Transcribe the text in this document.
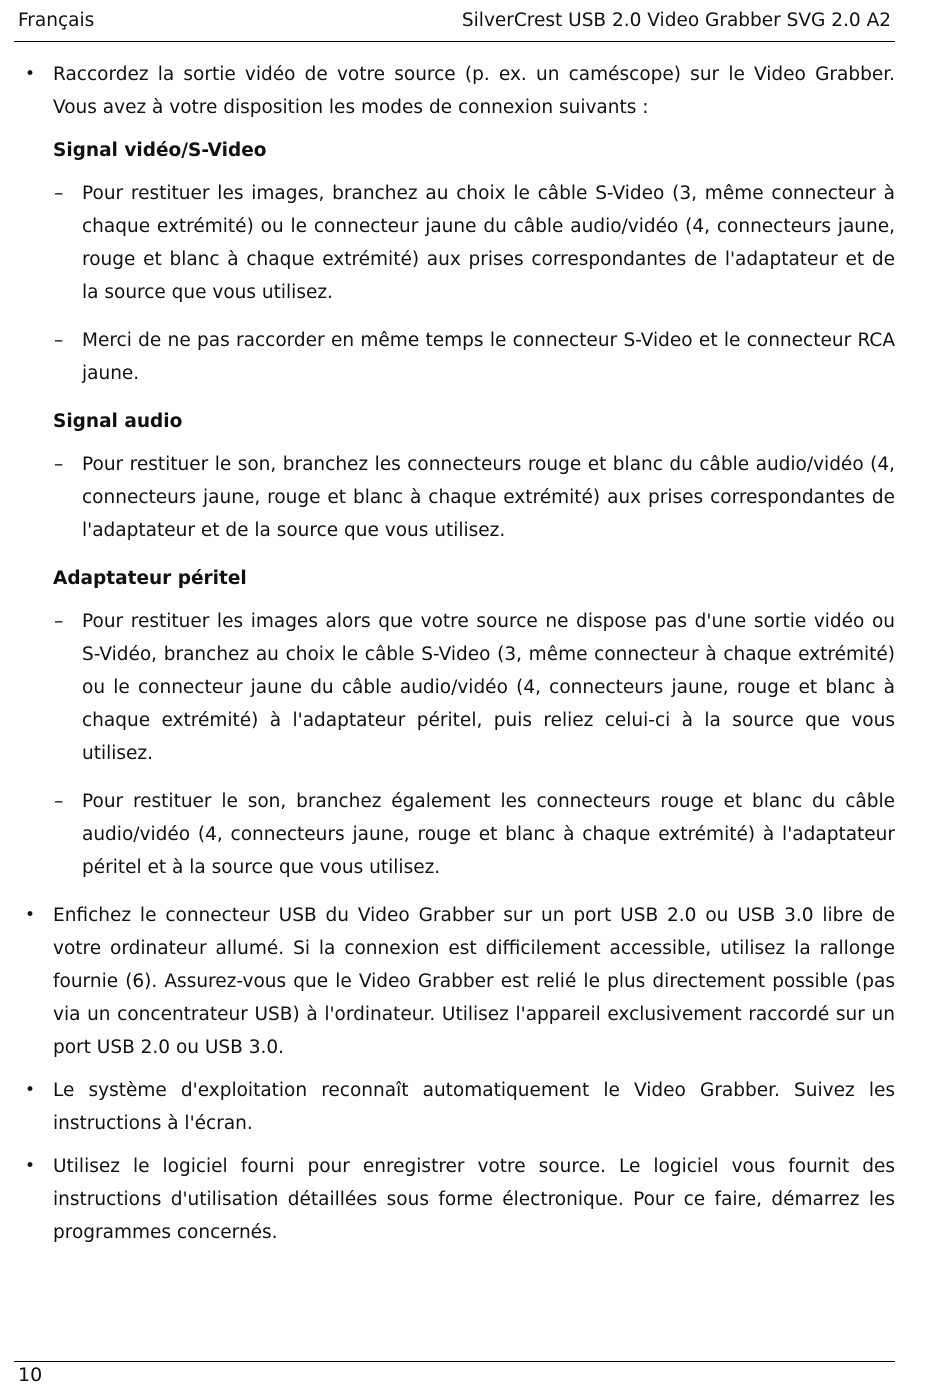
Français	SilverCrest USB 2.0 Video Grabber SVG 2.0 A2
• Raccordez la sortie vidéo de votre source (p. ex. un caméscope) sur le Video Grabber. Vous avez à votre disposition les modes de connexion suivants :
Signal vidéo/S-Video
– Pour restituer les images, branchez au choix le câble S-Video (3, même connecteur à chaque extrémité) ou le connecteur jaune du câble audio/vidéo (4, connecteurs jaune, rouge et blanc à chaque extrémité) aux prises correspondantes de l'adaptateur et de la source que vous utilisez.
– Merci de ne pas raccorder en même temps le connecteur S-Video et le connecteur RCA jaune.
Signal audio
– Pour restituer le son, branchez les connecteurs rouge et blanc du câble audio/vidéo (4, connecteurs jaune, rouge et blanc à chaque extrémité) aux prises correspondantes de l'adaptateur et de la source que vous utilisez.
Adaptateur péritel
– Pour restituer les images alors que votre source ne dispose pas d'une sortie vidéo ou S-Vidéo, branchez au choix le câble S-Video (3, même connecteur à chaque extrémité) ou le connecteur jaune du câble audio/vidéo (4, connecteurs jaune, rouge et blanc à chaque extrémité) à l'adaptateur péritel, puis reliez celui-ci à la source que vous utilisez.
– Pour restituer le son, branchez également les connecteurs rouge et blanc du câble audio/vidéo (4, connecteurs jaune, rouge et blanc à chaque extrémité) à l'adaptateur péritel et à la source que vous utilisez.
• Enfichez le connecteur USB du Video Grabber sur un port USB 2.0 ou USB 3.0 libre de votre ordinateur allumé. Si la connexion est difficilement accessible, utilisez la rallonge fournie (6). Assurez-vous que le Video Grabber est relié le plus directement possible (pas via un concentrateur USB) à l'ordinateur. Utilisez l'appareil exclusivement raccordé sur un port USB 2.0 ou USB 3.0.
• Le système d'exploitation reconnaît automatiquement le Video Grabber. Suivez les instructions à l'écran.
• Utilisez le logiciel fourni pour enregistrer votre source. Le logiciel vous fournit des instructions d'utilisation détaillées sous forme électronique. Pour ce faire, démarrez les programmes concernés.
10
